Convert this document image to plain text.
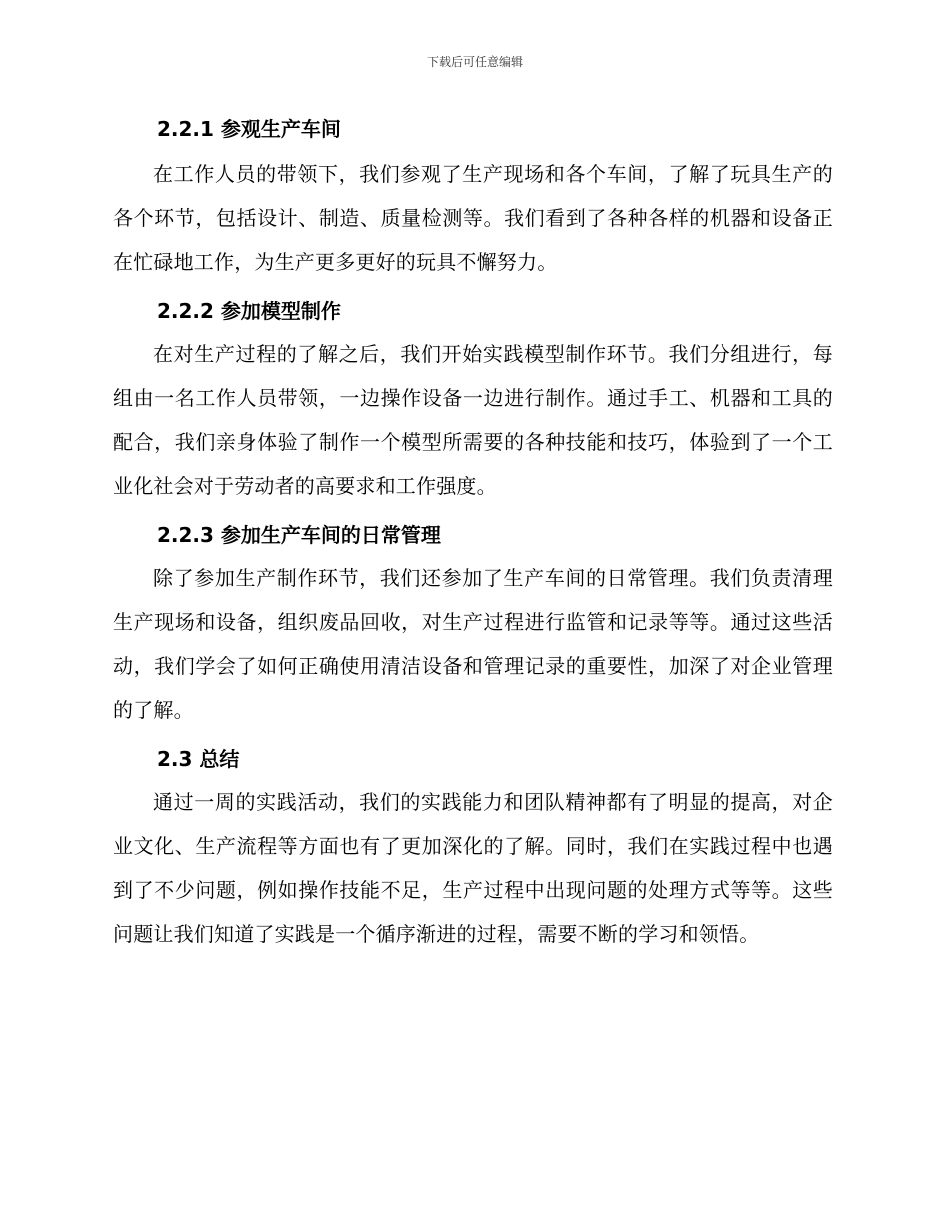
下载后可任意编辑
2.2.1 参观生产车间

在工作人员的带领下，我们参观了生产现场和各个车间，了解了玩具生产的各个环节，包括设计、制造、质量检测等。我们看到了各种各样的机器和设备正在忙碌地工作，为生产更多更好的玩具不懈努力。

2.2.2 参加模型制作

在对生产过程的了解之后，我们开始实践模型制作环节。我们分组进行，每组由一名工作人员带领，一边操作设备一边进行制作。通过手工、机器和工具的配合，我们亲身体验了制作一个模型所需要的各种技能和技巧，体验到了一个工业化社会对于劳动者的高要求和工作强度。

2.2.3 参加生产车间的日常管理

除了参加生产制作环节，我们还参加了生产车间的日常管理。我们负责清理生产现场和设备，组织废品回收，对生产过程进行监管和记录等等。通过这些活动，我们学会了如何正确使用清洁设备和管理记录的重要性，加深了对企业管理的了解。

2.3 总结

通过一周的实践活动，我们的实践能力和团队精神都有了明显的提高，对企业文化、生产流程等方面也有了更加深化的了解。同时，我们在实践过程中也遇到了不少问题，例如操作技能不足，生产过程中出现问题的处理方式等等。这些问题让我们知道了实践是一个循序渐进的过程，需要不断的学习和领悟。
